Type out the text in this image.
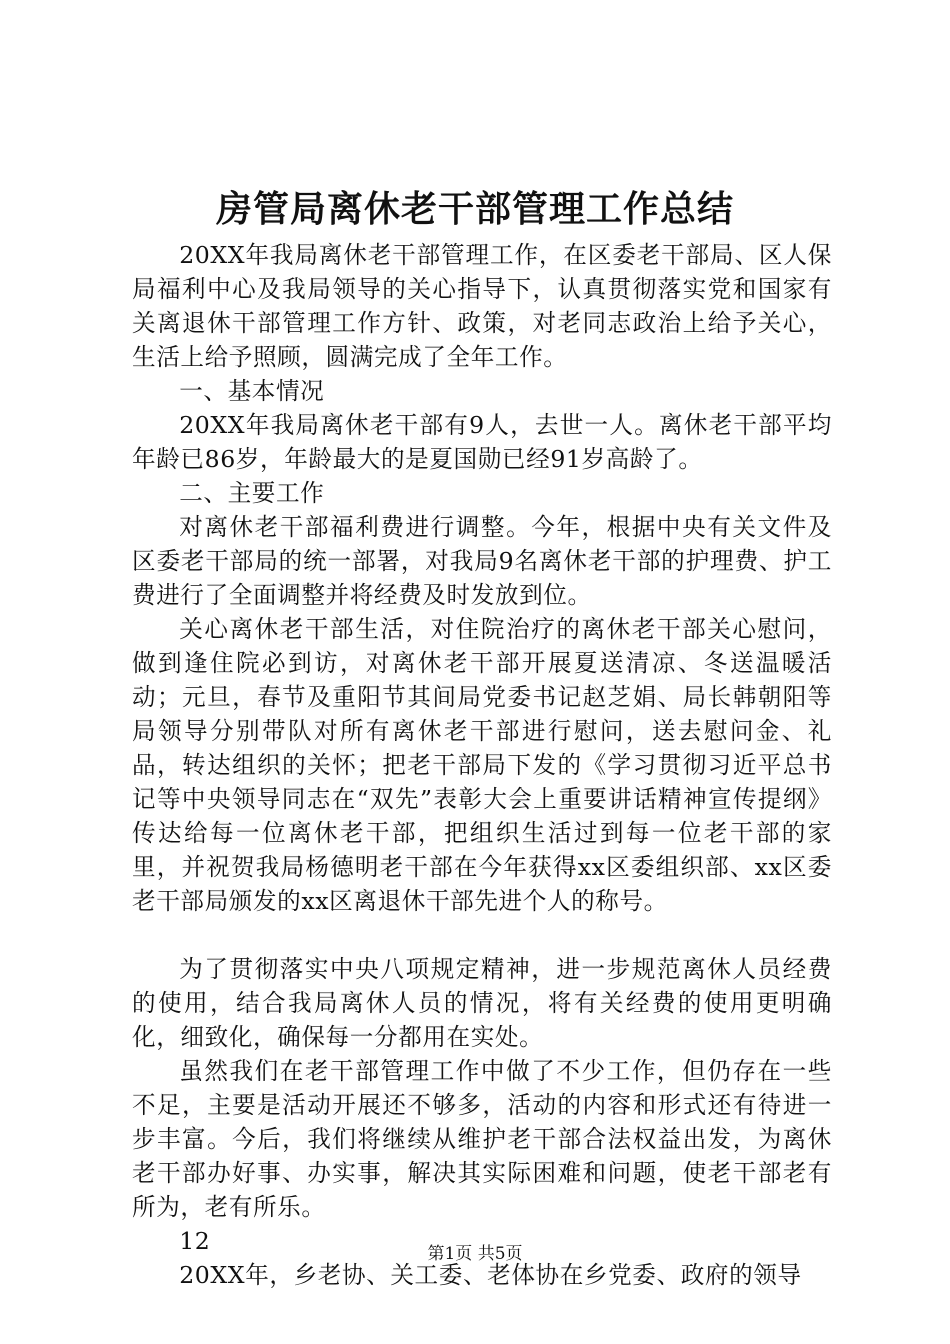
房管局离休老干部管理工作总结

20XX年我局离休老干部管理工作，在区委老干部局、区人保局福利中心及我局领导的关心指导下，认真贯彻落实党和国家有关离退休干部管理工作方针、政策，对老同志政治上给予关心，生活上给予照顾，圆满完成了全年工作。

一、基本情况

20XX年我局离休老干部有9人，去世一人。离休老干部平均年龄已86岁，年龄最大的是夏国勋已经91岁高龄了。

二、主要工作

对离休老干部福利费进行调整。今年，根据中央有关文件及区委老干部局的统一部署，对我局9名离休老干部的护理费、护工费进行了全面调整并将经费及时发放到位。

关心离休老干部生活，对住院治疗的离休老干部关心慰问，做到逢住院必到访，对离休老干部开展夏送清凉、冬送温暖活动；元旦，春节及重阳节其间局党委书记赵芝娟、局长韩朝阳等局领导分别带队对所有离休老干部进行慰问，送去慰问金、礼品，转达组织的关怀；把老干部局下发的《学习贯彻习近平总书记等中央领导同志在“双先”表彰大会上重要讲话精神宣传提纲》传达给每一位离休老干部，把组织生活过到每一位老干部的家里，并祝贺我局杨德明老干部在今年获得xx区委组织部、xx区委老干部局颁发的xx区离退休干部先进个人的称号。

为了贯彻落实中央八项规定精神，进一步规范离休人员经费的使用，结合我局离休人员的情况，将有关经费的使用更明确化，细致化，确保每一分都用在实处。

虽然我们在老干部管理工作中做了不少工作，但仍存在一些不足，主要是活动开展还不够多，活动的内容和形式还有待进一步丰富。今后，我们将继续从维护老干部合法权益出发，为离休老干部办好事、办实事，解决其实际困难和问题，使老干部老有所为，老有所乐。

12

20XX年，乡老协、关工委、老体协在乡党委、政府的领导

第1页 共5页
